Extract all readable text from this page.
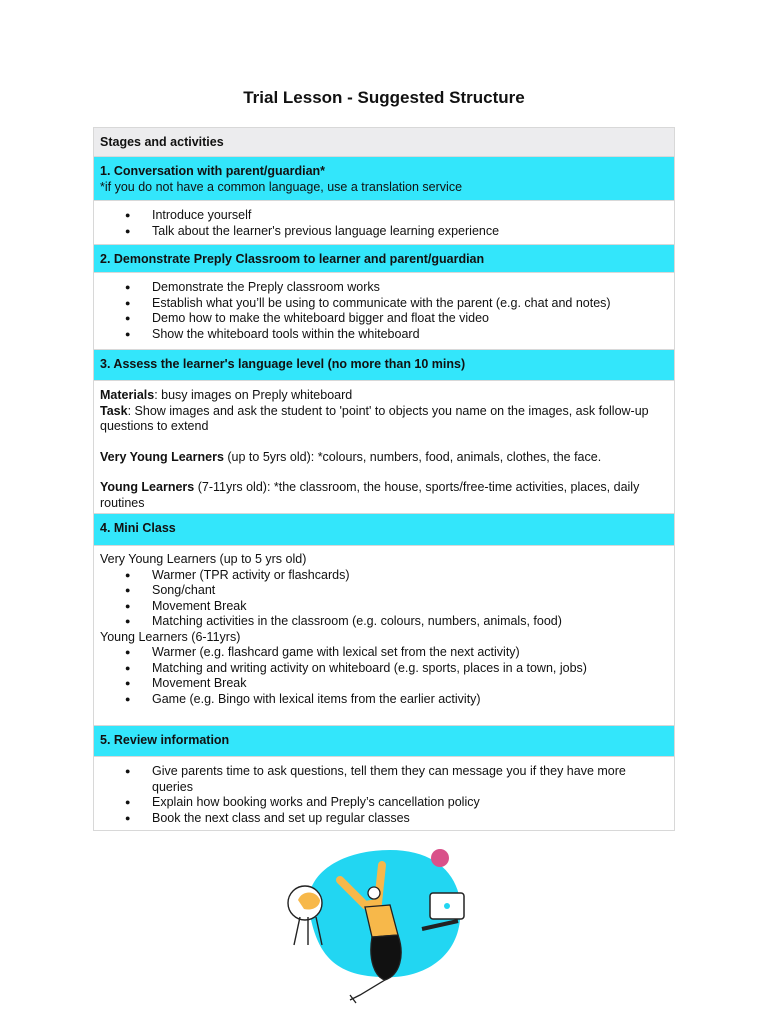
Trial Lesson - Suggested Structure
Stages and activities
1. Conversation with parent/guardian*
*if you do not have a common language, use a translation service
● Introduce yourself
● Talk about the learner's previous language learning experience
2. Demonstrate Preply Classroom to learner and parent/guardian
● Demonstrate the Preply classroom works
● Establish what you’ll be using to communicate with the parent (e.g. chat and notes)
● Demo how to make the whiteboard bigger and float the video
● Show the whiteboard tools within the whiteboard
3. Assess the learner's language level (no more than 10 mins)

Materials: busy images on Preply whiteboard

Task: Show images and ask the student to 'point' to objects you name on the images, ask follow-up questions to extend

Very Young Learners (up to 5yrs old): *colours, numbers, food, animals, clothes, the face.

Young Learners (7-11yrs old): *the classroom, the house, sports/free-time activities, places, daily routines

4. Mini Class

Very Young Learners (up to 5 yrs old)

● Warmer (TPR activity or flashcards)
● Song/chant
● Movement Break
● Matching activities in the classroom (e.g. colours, numbers, animals, food)

Young Learners (6-11yrs)

● Warmer (e.g. flashcard game with lexical set from the next activity)
● Matching and writing activity on whiteboard (e.g. sports, places in a town, jobs)
● Movement Break
● Game (e.g. Bingo with lexical items from the earlier activity)
5. Review information
● Give parents time to ask questions, tell them they can message you if they have more queries
● Explain how booking works and Preply’s cancellation policy
● Book the next class and set up regular classes
